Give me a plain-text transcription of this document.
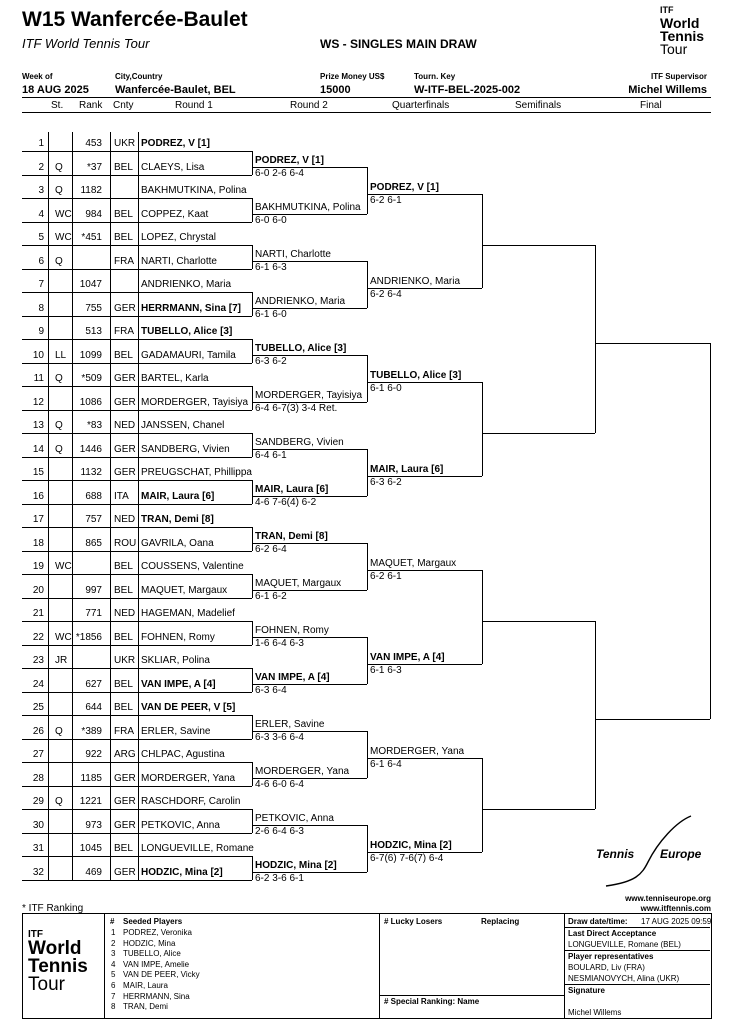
W15 Wanfercée-Baulet
ITF World Tennis Tour	WS - SINGLES MAIN DRAW
ITF
World
Tennis
Tour
Week of
18 AUG 2025
City,Country
Wanfercée-Baulet, BEL
Prize Money US$
15000
Tourn. Key
W-ITF-BEL-2025-002
ITF Supervisor
Michel Willems
St. Rank Cnty	Round 1	Round 2	Quarterfinals	Semifinals	Final
1	453 UKR PODREZ, V [1]
2 Q	*37 BEL CLAEYS, Lisa
3 Q	1182	BAKHMUTKINA, Polina
4 WC	984 BEL COPPEZ, Kaat
5 WC *451 BEL LOPEZ, Chrystal
6 Q	FRA NARTI, Charlotte
7	1047	ANDRIENKO, Maria
8	755 GER HERRMANN, Sina [7]
9	513 FRA TUBELLO, Alice [3]
10 LL	1099 BEL GADAMAURI, Tamila
11 Q	*509 GER BARTEL, Karla
12	1086 GER MORDERGER, Tayisiya
13 Q	*83 NED JANSSEN, Chanel
14 Q	1446 GER SANDBERG, Vivien
15	1132 GER PREUGSCHAT, Phillippa
16	688 ITA MAIR, Laura [6]
17	757 NED TRAN, Demi [8]
18	865 ROU GAVRILA, Oana
19 WC	BEL COUSSENS, Valentine
20	997 BEL MAQUET, Margaux
21	771 NED HAGEMAN, Madelief
22 WC *1856 BEL FOHNEN, Romy
23 JR	UKR SKLIAR, Polina
24	627 BEL VAN IMPE, A [4]
25	644 BEL VAN DE PEER, V [5]
26 Q	*389 FRA ERLER, Savine
27	922 ARG CHLPAC, Agustina
28	1185 GER MORDERGER, Yana
29 Q	1221 GER RASCHDORF, Carolin
30	973 GER PETKOVIC, Anna
31	1045 BEL LONGUEVILLE, Romane
32	469 GER HODZIC, Mina [2]
PODREZ, V [1]
6-0 2-6 6-4
BAKHMUTKINA, Polina
6-0 6-0
NARTI, Charlotte
6-1 6-3
ANDRIENKO, Maria
6-1 6-0
TUBELLO, Alice [3]
6-3 6-2
MORDERGER, Tayisiya
6-4 6-7(3) 3-4 Ret.
SANDBERG, Vivien
6-4 6-1
MAIR, Laura [6]
4-6 7-6(4) 6-2
TRAN, Demi [8]
6-2 6-4
MAQUET, Margaux
6-1 6-2
FOHNEN, Romy
1-6 6-4 6-3
VAN IMPE, A [4]
6-3 6-4
ERLER, Savine
6-3 3-6 6-4
MORDERGER, Yana
4-6 6-0 6-4
PETKOVIC, Anna
2-6 6-4 6-3
HODZIC, Mina [2]
6-2 3-6 6-1
PODREZ, V [1]
6-2 6-1
ANDRIENKO, Maria
6-2 6-4
TUBELLO, Alice [3]
6-1 6-0
MAIR, Laura [6]
6-3 6-2
MAQUET, Margaux
6-2 6-1
VAN IMPE, A [4]
6-1 6-3
MORDERGER, Yana
6-1 6-4
HODZIC, Mina [2]
6-7(6) 7-6(7) 6-4	Tennis Europe
www.tenniseurope.org
www.itftennis.com
* ITF Ranking
ITF
World
Tennis
Tour
# Seeded Players
1 PODREZ, Veronika
2 HODZIC, Mina
3 TUBELLO, Alice
4 VAN IMPE, Amelie
5 VAN DE PEER, Vicky
6 MAIR, Laura
7 HERRMANN, Sina
8 TRAN, Demi
# Lucky Losers	Replacing
# Special Ranking: Name
Draw date/time: 17 AUG 2025 09:59
Last Direct Acceptance
LONGUEVILLE, Romane (BEL)
Player representatives
BOULARD, Liv (FRA)
NESMIANOVYCH, Alina (UKR)
Signature
Michel Willems
